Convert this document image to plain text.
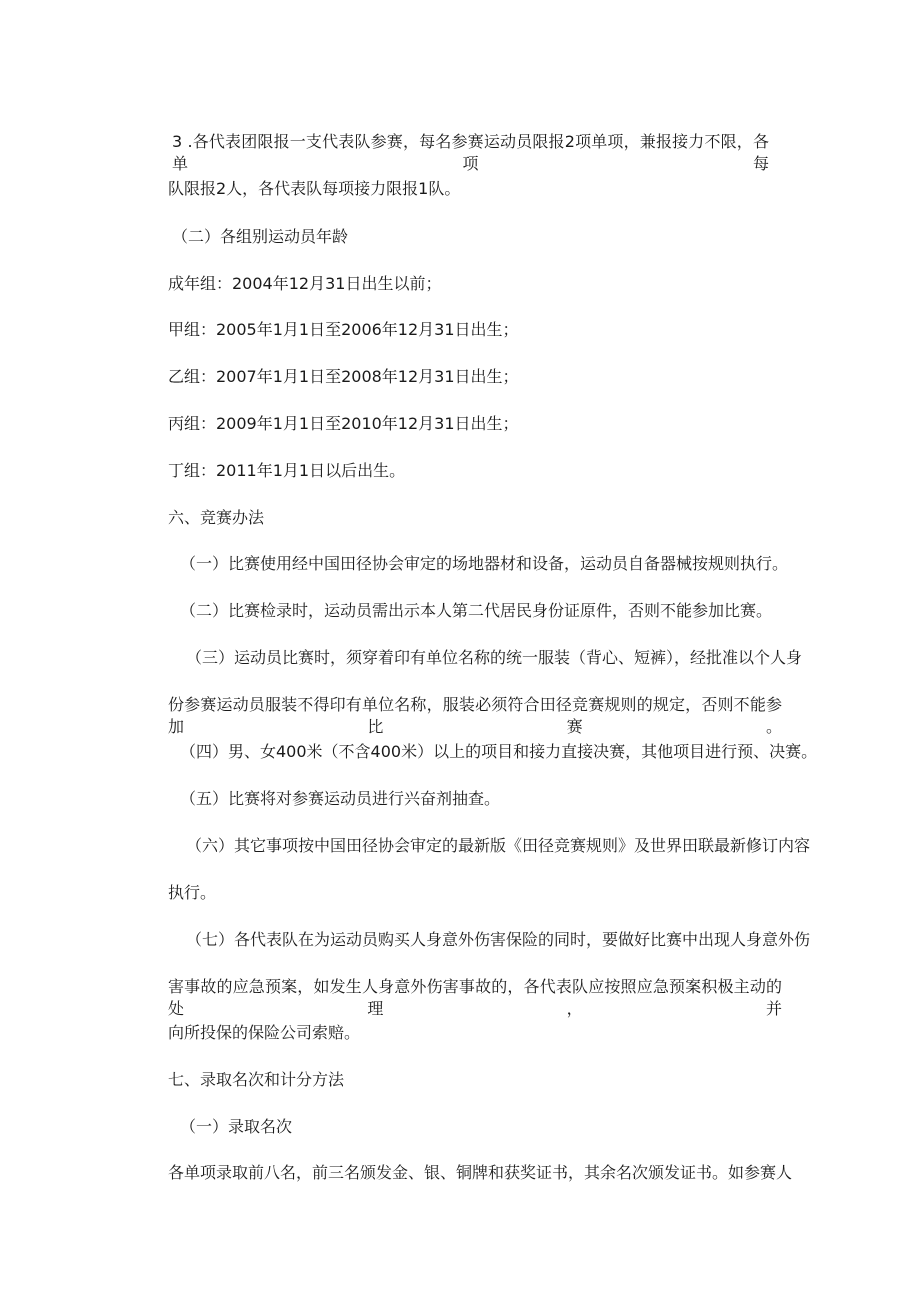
3 .各代表团限报一支代表队参赛，每名参赛运动员限报2项单项，兼报接力不限，各单项每
队限报2人，各代表队每项接力限报1队。
（二）各组别运动员年龄
成年组：2004年12月31日出生以前；
甲组：2005年1月1日至2006年12月31日出生；
乙组：2007年1月1日至2008年12月31日出生；
丙组：2009年1月1日至2010年12月31日出生；
丁组：2011年1月1日以后出生。
六、竞赛办法
（一）比赛使用经中国田径协会审定的场地器材和设备，运动员自备器械按规则执行。
（二）比赛检录时，运动员需出示本人第二代居民身份证原件，否则不能参加比赛。
（三）运动员比赛时，须穿着印有单位名称的统一服装（背心、短裤），经批准以个人身
份参赛运动员服装不得印有单位名称，服装必须符合田径竞赛规则的规定，否则不能参加比赛。
（四）男、女400米（不含400米）以上的项目和接力直接决赛，其他项目进行预、决赛。
（五）比赛将对参赛运动员进行兴奋剂抽查。
（六）其它事项按中国田径协会审定的最新版《田径竞赛规则》及世界田联最新修订内容
执行。
（七）各代表队在为运动员购买人身意外伤害保险的同时，要做好比赛中出现人身意外伤
害事故的应急预案，如发生人身意外伤害事故的，各代表队应按照应急预案积极主动的处理，并
向所投保的保险公司索赔。
七、录取名次和计分方法
（一）录取名次
各单项录取前八名，前三名颁发金、银、铜牌和获奖证书，其余名次颁发证书。如参赛人
